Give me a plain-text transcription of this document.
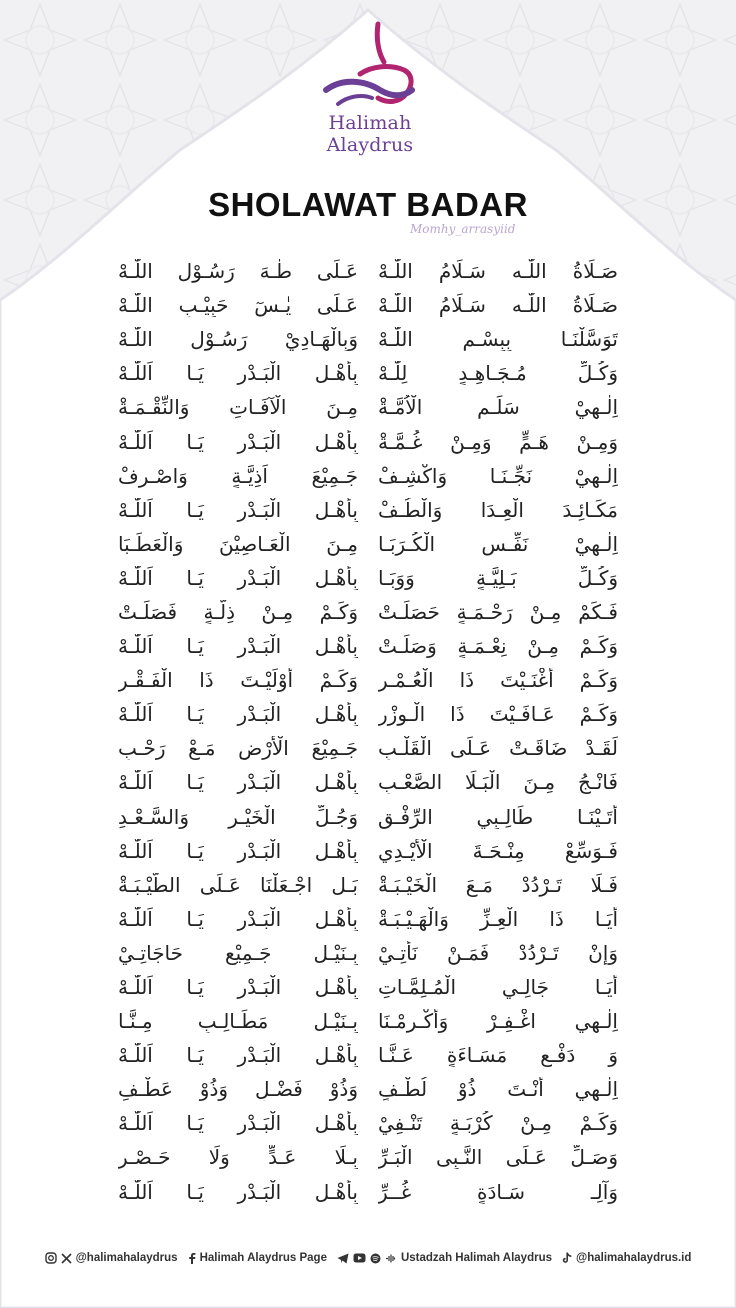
Halimah
Alaydrus
SHOLAWAT BADAR
Momhy_arrasyiid
صَـلَاةُ اللّٰـه سَـلَامُ اللّٰـهْ
عَـلَى طٰـهَ رَسُـوْلِ اللّٰـهْ
صَـلَاةُ اللّٰـه سَـلَامُ اللّٰـهْ
عَـلَى يٰـسٓ حَبِيْـبِ اللّٰـهْ
تَوَسَّلْنَـا بِبِسْـمِ اللّٰـهْ
وَبِالْهَـادِيْ رَسُـوْلِ اللّٰـهْ
وَكُـلِّ مُـجَـاهِـدٍ لِلّٰـهْ
بِأَهْـلِ الْبَـدْرِ يَـا اَللّٰـهْ
اِلٰـهِيْ سَلِّـمِ الْاُمَّـةْ
مِـنَ الْآفَـاتِ وَالنِّقْـمَـةْ
وَمِـنْ هَـمٍّ وَمِـنْ غُـمَّـةْ
بِأَهْـلِ الْبَـدْرِ يَـا اَللّٰـهْ
اِلٰـهِيْ نَجِّـنَـا وَاكْشِـفْ
جَـمِيْعَ اَذِيَّـةٍ وَاصْـرِفْ
مَكَـائِـدَ الْعِـدَا وَالْطُـفْ
بِأَهْـلِ الْبَـدْرِ يَـا اَللّٰـهْ
اِلٰـهِيْ نَفِّـسِ الْكُـرَبَـا
مِـنَ الْعَـاصِيْنَ وَالْعَطَـبَا
وَكُـلِّ بَـلِيَّـةٍ وَوَبَـا
بِأَهْـلِ الْبَـدْرِ يَـا اَللّٰـهْ
فَـكَمْ مِـنْ رَحْـمَـةٍ حَصَلَـتْ
وَكَـمْ مِـنْ ذِلَّـةٍ فَصَلَـتْ
وَكَـمْ مِـنْ نِعْـمَـةٍ وَصَلَـتْ
بِأَهْـلِ الْبَـدْرِ يَـا اَللّٰـهْ
وَكَـمْ أَغْنَـيْتَ ذَا الْعُـمْـرِ
وَكَـمْ أَوْلَيْـتَ ذَا الْفَـقْـرِ
وَكَـمْ عَـافَـيْتَ ذَا الْـوِزْرِ
بِأَهْـلِ الْبَـدْرِ يَـا اَللّٰـهْ
لَقَـدْ ضَاقَـتْ عَـلَى الْقَلْـبِ
جَـمِيْعَ الْأَرْضِ مَـعْ رَحْـبِ
فَانْـجُ مِـنَ الْبَـلَا الصَّعْـبِ
بِأَهْـلِ الْبَـدْرِ يَـا اَللّٰـهْ
أَتَـيْنَـا طَالِـبِي الرِّفْـقِ
وَجُـلِّ الْخَيْـرِ وَالسَّـعْـدِ
فَـوَسِّعْ مِنْـحَـةَ الْأَيْـدِي
بِأَهْـلِ الْبَـدْرِ يَـا اَللّٰـهْ
فَـلَا تَـرْدُدْ مَـعَ الْخَيْـبَـةْ
بَـلِ اجْـعَلْنَا عَـلَى الطَّيْـبَـةْ
أَيَـا ذَا الْعِـزِّ وَالْهَـيْـبَـةْ
بِأَهْـلِ الْبَـدْرِ يَـا اَللّٰـهْ
وَإِنْ تَـرْدُدْ فَمَـنْ نَأْتِـيْ
بِـنَيْـلِ جَـمِيْعِ حَاجَاتِـيْ
أَيَـا جَالِـي الْمُـلِمَّـاتِ
بِأَهْـلِ الْبَـدْرِ يَـا اَللّٰـهْ
اِلٰـهِي اغْـفِـرْ وَأَكْـرِمْـنَا
بِـنَيْـلِ مَطَـالِـبٍ مِـنَّـا
وَ دَفْـعِ مَسَـاءَةٍ عَـنَّـا
بِأَهْـلِ الْبَـدْرِ يَـا اَللّٰـهْ
اِلٰـهِي أَنْـتَ ذُوْ لُطْـفٍ
وَذُوْ فَضْـلٍ وَذُوْ عَطْـفِ
وَكَـمْ مِـنْ كُرْبَـةٍ تَنْـفِيْ
بِأَهْـلِ الْبَـدْرِ يَـا اَللّٰـهْ
وَصَـلِّ عَـلَى النَّـبِى الْبَـرِّ
بِـلَا عَـدٍّ وَلَا حَـصْـرِ
وَآلِـ سَـادَةٍ غُــرِّ
بِأَهْـلِ الْبَـدْرِ يَـا اَللّٰـهْ
@halimahalaydrus Halimah Alaydrus Page	Ustadzah Halimah Alaydrus @halimahalaydrus.id
